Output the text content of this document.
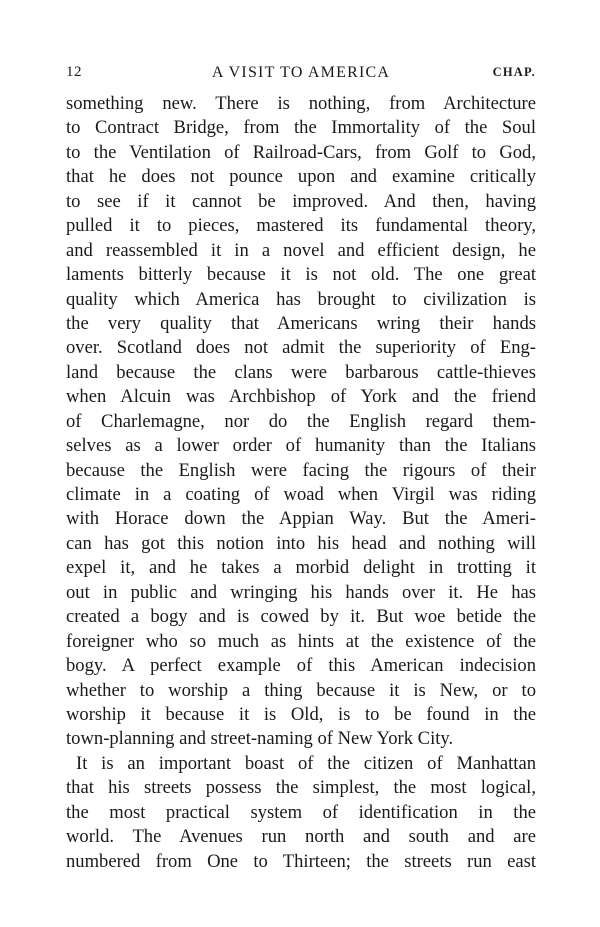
12	A VISIT TO AMERICA	CHAP.
something new. There is nothing, from Architecture
to Contract Bridge, from the Immortality of the Soul
to the Ventilation of Railroad-Cars, from Golf to God,
that he does not pounce upon and examine critically
to see if it cannot be improved. And then, having
pulled it to pieces, mastered its fundamental theory,
and reassembled it in a novel and efficient design, he
laments bitterly because it is not old. The one great
quality which America has brought to civilization is
the very quality that Americans wring their hands
over. Scotland does not admit the superiority of Eng-
land because the clans were barbarous cattle-thieves
when Alcuin was Archbishop of York and the friend
of Charlemagne, nor do the English regard them-
selves as a lower order of humanity than the Italians
because the English were facing the rigours of their
climate in a coating of woad when Virgil was riding
with Horace down the Appian Way. But the Ameri-
can has got this notion into his head and nothing will
expel it, and he takes a morbid delight in trotting it
out in public and wringing his hands over it. He has
created a bogy and is cowed by it. But woe betide the
foreigner who so much as hints at the existence of the
bogy. A perfect example of this American indecision
whether to worship a thing because it is New, or to
worship it because it is Old, is to be found in the
town-planning and street-naming of New York City.
It is an important boast of the citizen of Manhattan
that his streets possess the simplest, the most logical,
the most practical system of identification in the
world. The Avenues run north and south and are
numbered from One to Thirteen; the streets run east
